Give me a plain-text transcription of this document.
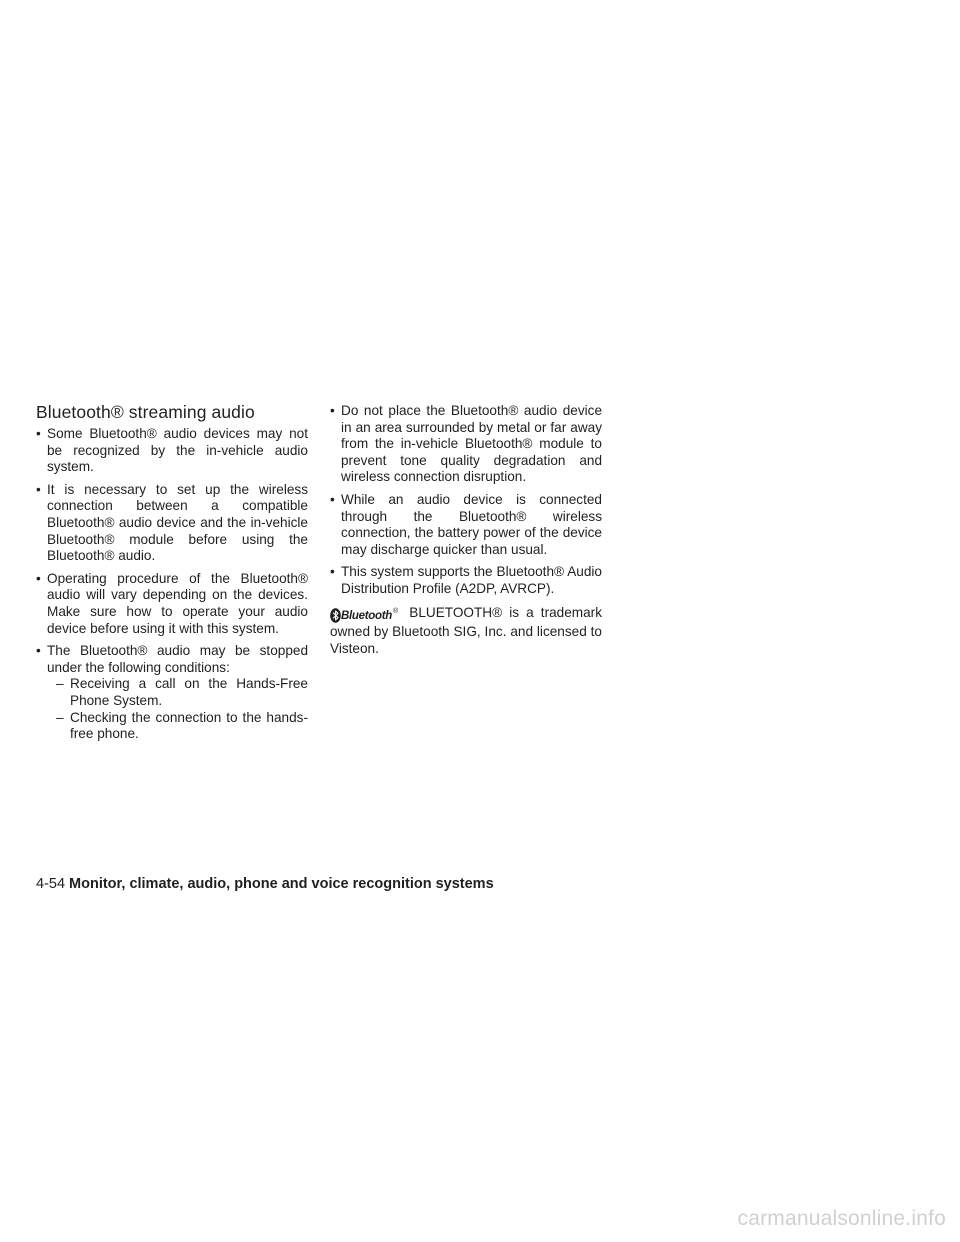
Bluetooth® streaming audio
• Some Bluetooth® audio devices may not be recognized by the in-vehicle audio system.
• It is necessary to set up the wireless connection between a compatible Bluetooth® audio device and the in-vehicle Bluetooth® module before using the Bluetooth® audio.
• Operating procedure of the Bluetooth® audio will vary depending on the devices. Make sure how to operate your audio device before using it with this system.
• The Bluetooth® audio may be stopped under the following conditions:
– Receiving a call on the Hands-Free Phone System.
– Checking the connection to the hands-free phone.
• Do not place the Bluetooth® audio device in an area surrounded by metal or far away from the in-vehicle Bluetooth® module to prevent tone quality degradation and wireless connection disruption.
• While an audio device is connected through the Bluetooth® wireless connection, the battery power of the device may discharge quicker than usual.
• This system supports the Bluetooth® Audio Distribution Profile (A2DP, AVRCP).

Bluetooth® BLUETOOTH® is a trademark owned by Bluetooth SIG, Inc. and licensed to Visteon.

4-54 Monitor, climate, audio, phone and voice recognition systems
carmanualsonline.info
